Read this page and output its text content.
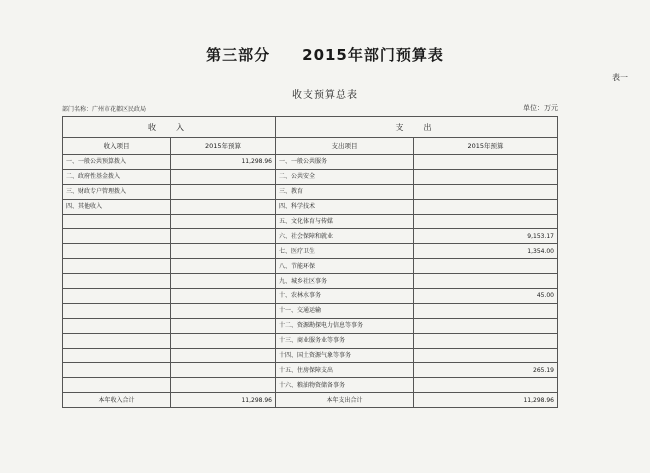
第三部分　　2015年部门预算表
表一
收支预算总表
部门名称：广州市花都区民政局	单位：万元
收　入		支　出	
收入项目	2015年预算	支出项目	2015年预算
一、一般公共预算拨入	11,298.96	一、一般公共服务	
二、政府性基金拨入		二、公共安全	
三、财政专户管理拨入		三、教育	
四、其他收入		四、科学技术	
		五、文化体育与传媒	
		六、社会保障和就业	9,153.17
		七、医疗卫生	1,354.00
		八、节能环保	
		九、城乡社区事务	
		十、农林水事务	45.00
		十一、交通运输	
		十二、资源勘探电力信息等事务	
		十三、商业服务业等事务	
		十四、国土资源气象等事务	
		十五、住房保障支出	265.19
		十六、粮油物资储备事务	
本年收入合计	11,298.96	本年支出合计	11,298.96
